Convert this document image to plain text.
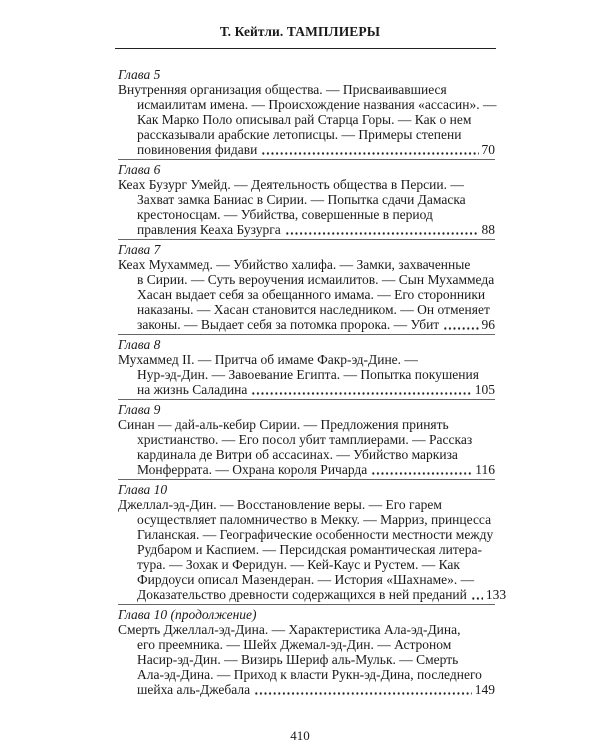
Т. Кейтли. ТАМПЛИЕРЫ
Глава 5
Внутренняя организация общества. — Присваивавшиеся
исмаилитам имена. — Происхождение названия «ассасин». —
Как Марко Поло описывал рай Старца Горы. — Как о нем
рассказывали арабские летописцы. — Примеры степени
повиновения фидави	70
Глава 6
Кеах Бузург Умейд. — Деятельность общества в Персии. —
Захват замка Баниас в Сирии. — Попытка сдачи Дамаска
крестоносцам. — Убийства, совершенные в период
правления Кеаха Бузурга	88
Глава 7
Кеах Мухаммед. — Убийство халифа. — Замки, захваченные
в Сирии. — Суть вероучения исмаилитов. — Сын Мухаммеда
Хасан выдает себя за обещанного имама. — Его сторонники
наказаны. — Хасан становится наследником. — Он отменяет
законы. — Выдает себя за потомка пророка. — Убит	96
Глава 8
Мухаммед II. — Притча об имаме Факр-эд-Дине. —
Нур-эд-Дин. — Завоевание Египта. — Попытка покушения
на жизнь Саладина	105
Глава 9
Синан — дай-аль-кебир Сирии. — Предложения принять
христианство. — Его посол убит тамплиерами. — Рассказ
кардинала де Витри об ассасинах. — Убийство маркиза
Монферрата. — Охрана короля Ричарда	116
Глава 10
Джеллал-эд-Дин. — Восстановление веры. — Его гарем
осуществляет паломничество в Мекку. — Марриз, принцесса
Гиланская. — Географические особенности местности между
Рудбаром и Каспием. — Персидская романтическая литера-
тура. — Зохак и Феридун. — Кей-Каус и Рустем. — Как
Фирдоуси описал Мазендеран. — История «Шахнаме». —
Доказательство древности содержащихся в ней преданий 133
Глава 10 (продолжение)
Смерть Джеллал-эд-Дина. — Характеристика Ала-эд-Дина,
его преемника. — Шейх Джемал-эд-Дин. — Астроном
Насир-эд-Дин. — Визирь Шериф аль-Мульк. — Смерть
Ала-эд-Дина. — Приход к власти Рукн-эд-Дина, последнего
шейха аль-Джебала	149
410
